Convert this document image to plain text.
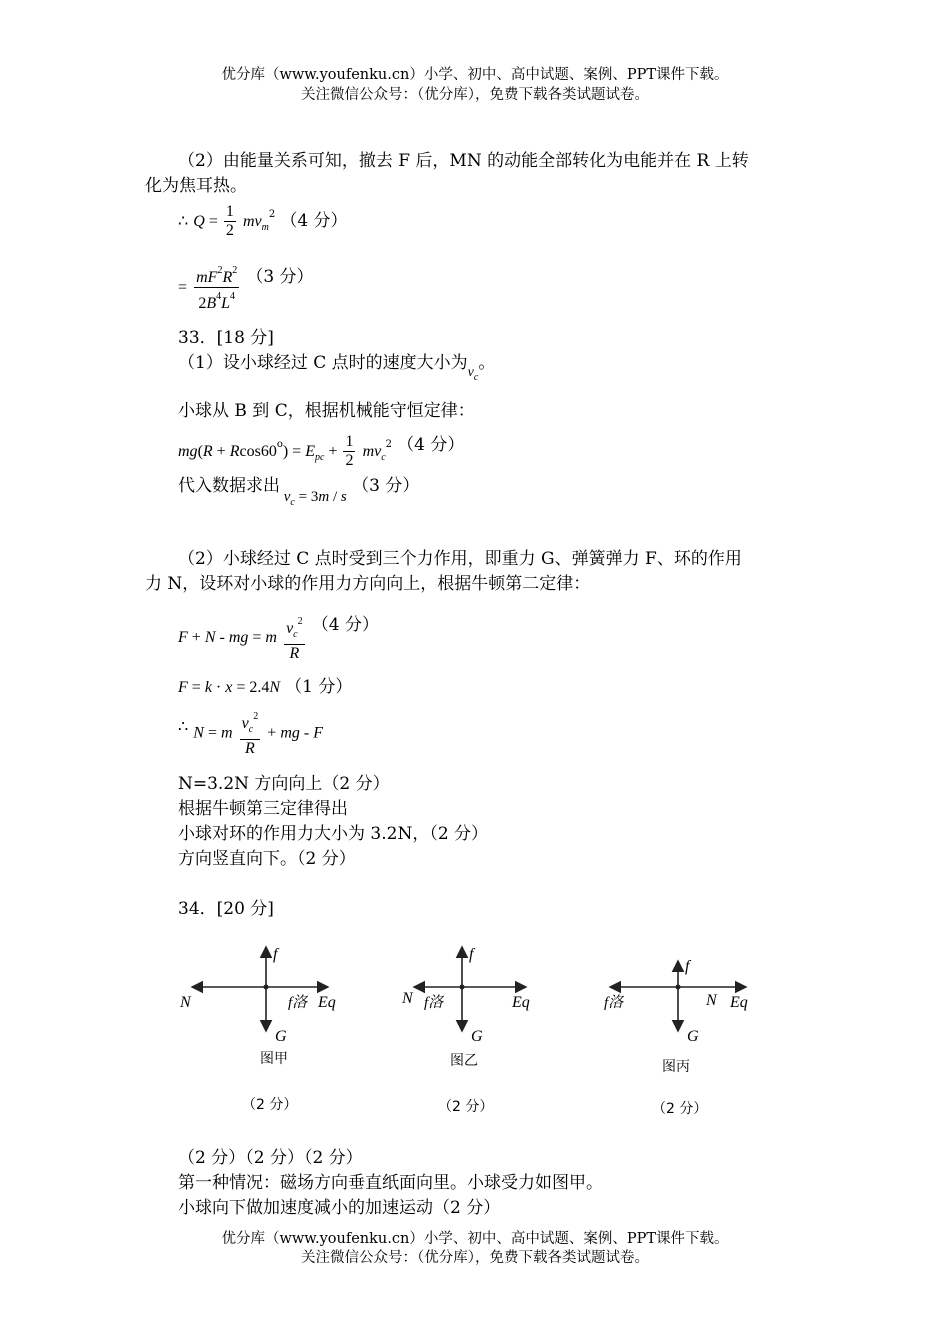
优分库（www.youfenku.cn）小学、初中、高中试题、案例、PPT课件下载。
关注微信公众号：（优分库），免费下载各类试题试卷。
（2）由能量关系可知，撤去 F 后，MN 的动能全部转化为电能并在 R 上转
化为焦耳热。
∴ $Q = \frac{1}{2} mv_m^2$ （4 分）
= $\frac{mF^2R^2}{2B^4L^4} (3$ 分）
33．[18 分]
（1）设小球经过 C 点时的速度大小为$_{v_c}$。
小球从 B 到 C，根据机械能守恒定律：
$mg(R + Rcos60^o) = E_{pc} + \frac{1}{2} mv_c^2$ （4 分）
代入数据求出 $v_c = 3m / s$ （3 分）
（2）小球经过 C 点时受到三个力作用，即重力 G、弹簧弹力 F、环的作用
力 N，设环对小球的作用力方向向上，根据牛顿第二定律：
F + N - mg = m $\frac{v_c^2}{R} (4$ 分）
F = k · x = 2.4N （1 分）
∴ N = m $\frac{v_c^2}{R}$ + mg - F
N=3.2N 方向向上（2 分）
根据牛顿第三定律得出
小球对环的作用力大小为 3.2N，（2 分）
方向竖直向下。（2 分）
34．[20 分]
N	f洛 Eq
f
G
图甲
（2 分）
N f洛	Eq
f
G
图乙
（2 分）
f洛	N Eq
f
G
图丙
（2 分）
（2 分）（2 分）（2 分）
第一种情况：磁场方向垂直纸面向里。小球受力如图甲。
小球向下做加速度减小的加速运动（2 分）
优分库（www.youfenku.cn）小学、初中、高中试题、案例、PPT课件下载。
关注微信公众号：（优分库），免费下载各类试题试卷。
